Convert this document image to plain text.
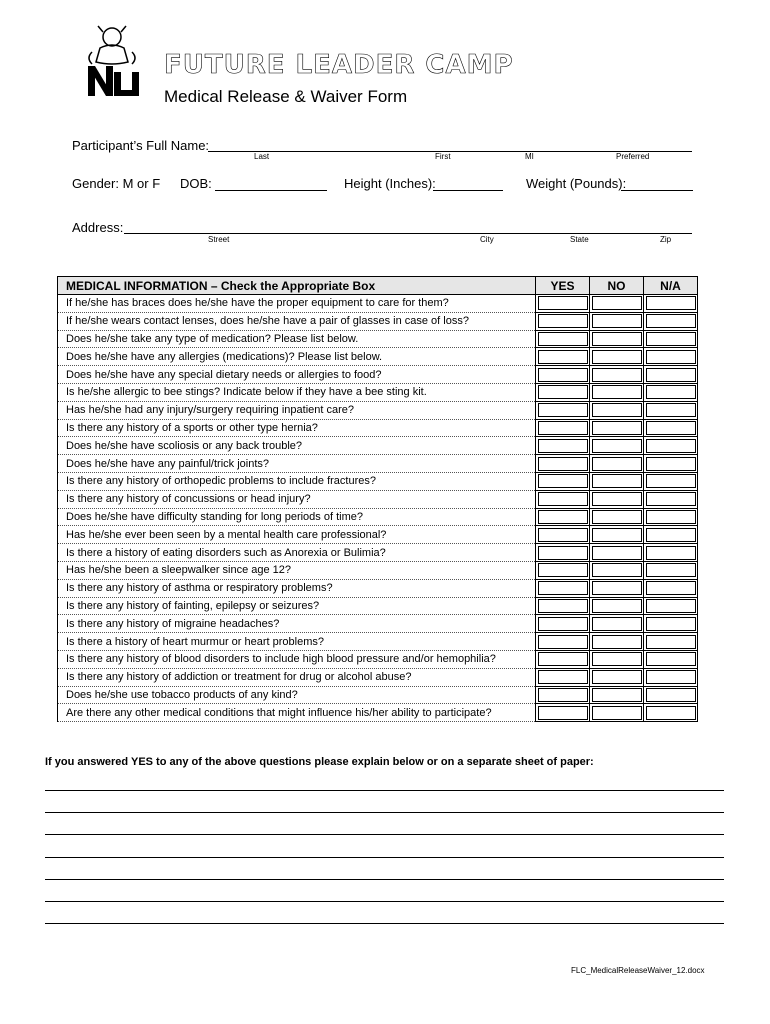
FUTURE LEADER CAMP
Medical Release & Waiver Form
Participant’s Full Name:
Last	First	MI	Preferred
Gender: M or F DOB:	Height (Inches):	Weight (Pounds):
Address:
Street	City	State	Zip
MEDICAL INFORMATION – Check the Appropriate Box	YES	NO	N/A
If he/she has braces does he/she have the proper equipment to care for them?	

If he/she wears contact lenses, does he/she have a pair of glasses in case of loss?	

Does he/she take any type of medication? Please list below.	

Does he/she have any allergies (medications)? Please list below.	

Does he/she have any special dietary needs or allergies to food?	

Is he/she allergic to bee stings? Indicate below if they have a bee sting kit.	

Has he/she had any injury/surgery requiring inpatient care?	

Is there any history of a sports or other type hernia?	

Does he/she have scoliosis or any back trouble?	

Does he/she have any painful/trick joints?	

Is there any history of orthopedic problems to include fractures?	

Is there any history of concussions or head injury?	

Does he/she have difficulty standing for long periods of time?	

Has he/she ever been seen by a mental health care professional?	

Is there a history of eating disorders such as Anorexia or Bulimia?	

Has he/she been a sleepwalker since age 12?	

Is there any history of asthma or respiratory problems?	

Is there any history of fainting, epilepsy or seizures?	

Is there any history of migraine headaches?	

Is there a history of heart murmur or heart problems?	

Is there any history of blood disorders to include high blood pressure and/or hemophilia?	

Is there any history of addiction or treatment for drug or alcohol abuse?	

Does he/she use tobacco products of any kind?	

Are there any other medical conditions that might influence his/her ability to participate?	

If you answered YES to any of the above questions please explain below or on a separate sheet of paper:
FLC_MedicalReleaseWaiver_12.docx
